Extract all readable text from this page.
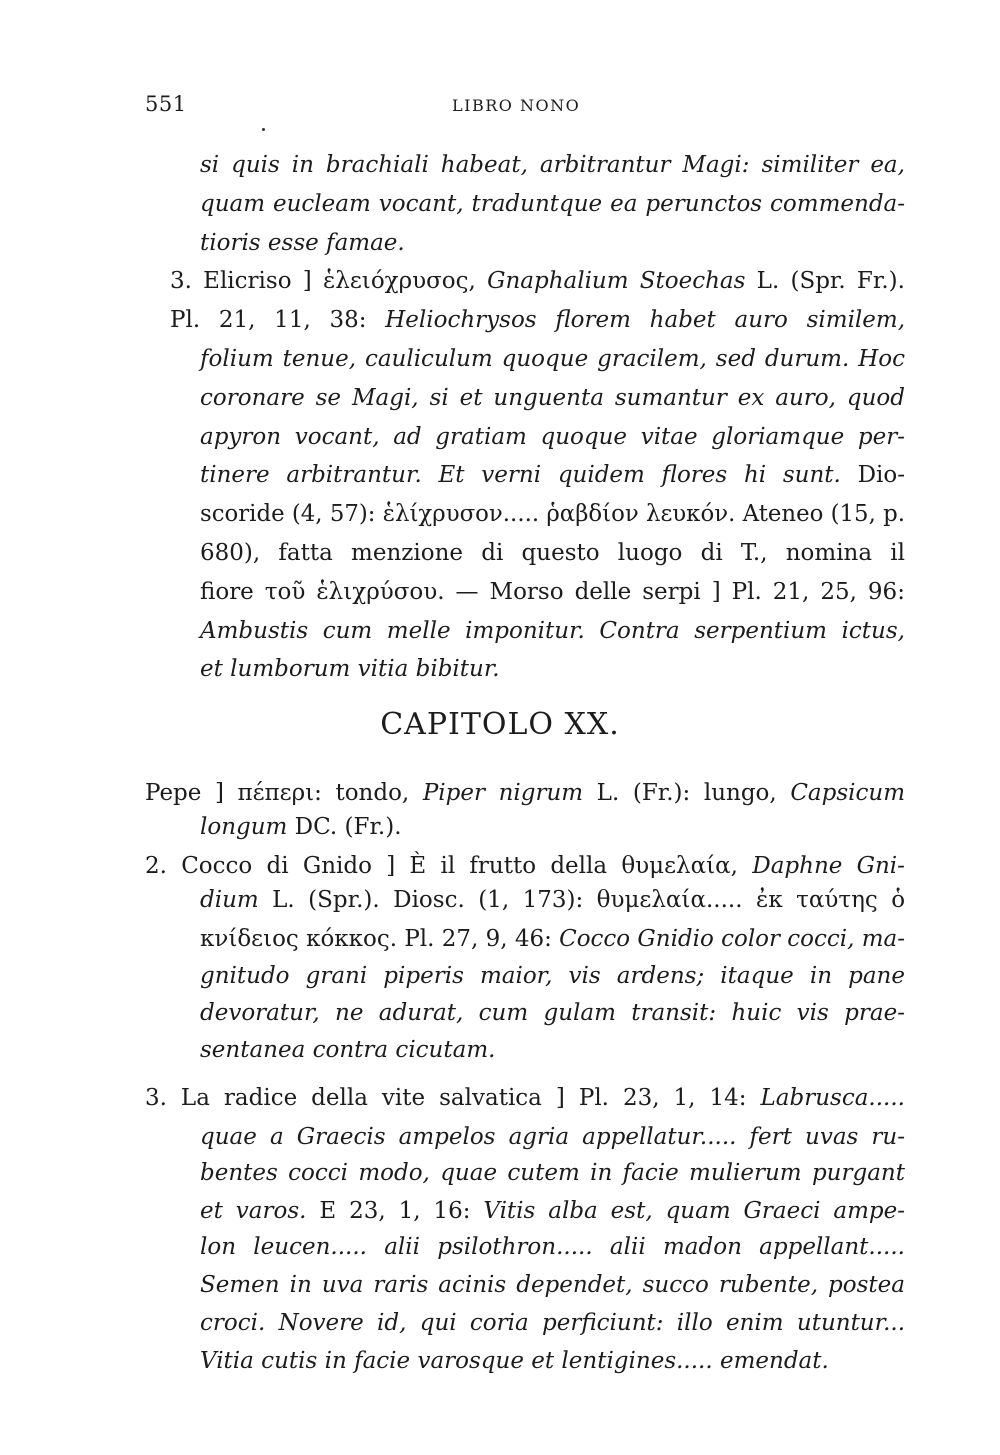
551	LIBRO NONO
si quis in brachiali habeat, arbitrantur Magi: similiter ea,
quam eucleam vocant, traduntque ea perunctos commenda-
tioris esse famae.
3. Elicriso ] ἑλειόχρυσος, Gnaphalium Stoechas L. (Spr. Fr.).
Pl. 21, 11, 38: Heliochrysos florem habet auro similem,
folium tenue, cauliculum quoque gracilem, sed durum. Hoc
coronare se Magi, si et unguenta sumantur ex auro, quod
apyron vocant, ad gratiam quoque vitae gloriamque per-
tinere arbitrantur. Et verni quidem flores hi sunt. Dio-
scoride (4, 57): ἑλίχρυσον..... ῥαβδίον λευκόν. Ateneo (15, p.
680), fatta menzione di questo luogo di T., nomina il
fiore τοῦ ἑλιχρύσου. — Morso delle serpi ] Pl. 21, 25, 96:
Ambustis cum melle imponitur. Contra serpentium ictus,
et lumborum vitia bibitur.
CAPITOLO XX.
Pepe ] πέπερι: tondo, Piper nigrum L. (Fr.): lungo, Capsicum
longum DC. (Fr.).
2. Cocco di Gnido ] È il frutto della θυμελαία, Daphne Gni-
dium L. (Spr.). Diosc. (1, 173): θυμελαία..... ἐκ ταύτης ὁ
κνίδειος κόκκος. Pl. 27, 9, 46: Cocco Gnidio color cocci, ma-
gnitudo grani piperis maior, vis ardens; itaque in pane
devoratur, ne adurat, cum gulam transit: huic vis prae-
sentanea contra cicutam.
3. La radice della vite salvatica ] Pl. 23, 1, 14: Labrusca.....
quae a Graecis ampelos agria appellatur..... fert uvas ru-
bentes cocci modo, quae cutem in facie mulierum purgant
et varos. E 23, 1, 16: Vitis alba est, quam Graeci ampe-
lon leucen..... alii psilothron..... alii madon appellant.....
Semen in uva raris acinis dependet, succo rubente, postea
croci. Novere id, qui coria perficiunt: illo enim utuntur...
Vitia cutis in facie varosque et lentigines..... emendat.
